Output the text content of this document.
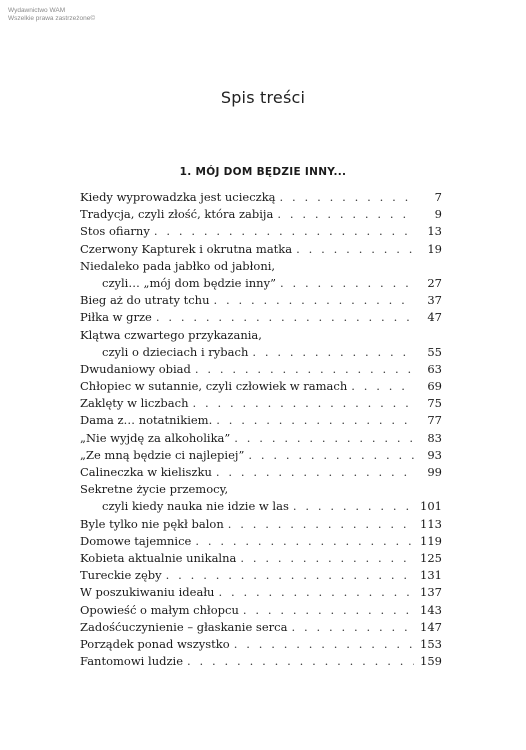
Wydawnictwo WAM
Wszelkie prawa zastrzeżone©
Spis treści
1. MÓJ DOM BĘDZIE INNY...
Kiedy wyprowadzka jest ucieczką . . .	7
Tradycja, czyli złość, która zabija . . .	9
Stos ofiarny . . .	13
Czerwony Kapturek i okrutna matka . . .	19
Niedaleko pada jabłko od jabłoni,
czyli… „mój dom będzie inny” . . .	27
Bieg aż do utraty tchu . . .	37
Piłka w grze . . .	47
Klątwa czwartego przykazania,
czyli o dzieciach i rybach . . .	55
Dwudaniowy obiad . . .	63
Chłopiec w sutannie, czyli człowiek w ramach . . .	69
Zaklęty w liczbach . . .	75
Dama z… notatnikiem. . . .	77
„Nie wyjdę za alkoholika” . . .	83
„Ze mną będzie ci najlepiej” . . .	93
Calineczka w kieliszku . . .	99
Sekretne życie przemocy,
czyli kiedy nauka nie idzie w las . . .	101
Byle tylko nie pękł balon . . .	113
Domowe tajemnice . . .	119
Kobieta aktualnie unikalna . . .	125
Tureckie zęby . . .	131
W poszukiwaniu ideału . . .	137
Opowieść o małym chłopcu . . .	143
Zadośćuczynienie – głaskanie serca . . .	147
Porządek ponad wszystko . . .	153
Fantomowi ludzie . . .	159
